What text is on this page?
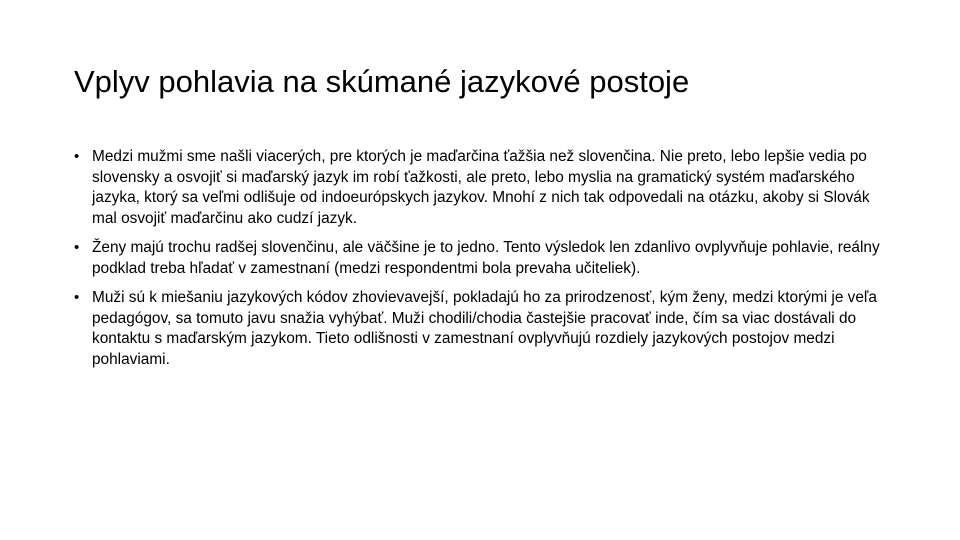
Vplyv pohlavia na skúmané jazykové postoje
• Medzi mužmi sme našli viacerých, pre ktorých je maďarčina ťažšia než slovenčina. Nie preto, lebo lepšie vedia po slovensky a osvojiť si maďarský jazyk im robí ťažkosti, ale preto, lebo myslia na gramatický systém maďarského jazyka, ktorý sa veľmi odlišuje od indoeurópskych jazykov. Mnohí z nich tak odpovedali na otázku, akoby si Slovák mal osvojiť maďarčinu ako cudzí jazyk.
• Ženy majú trochu radšej slovenčinu, ale väčšine je to jedno. Tento výsledok len zdanlivo ovplyvňuje pohlavie, reálny podklad treba hľadať v zamestnaní (medzi respondentmi bola prevaha učiteliek).
• Muži sú k miešaniu jazykových kódov zhovievavejší, pokladajú ho za prirodzenosť, kým ženy, medzi ktorými je veľa pedagógov, sa tomuto javu snažia vyhýbať. Muži chodili/chodia častejšie pracovať inde, čím sa viac dostávali do kontaktu s maďarským jazykom. Tieto odlišnosti v zamestnaní ovplyvňujú rozdiely jazykových postojov medzi pohlaviami.
